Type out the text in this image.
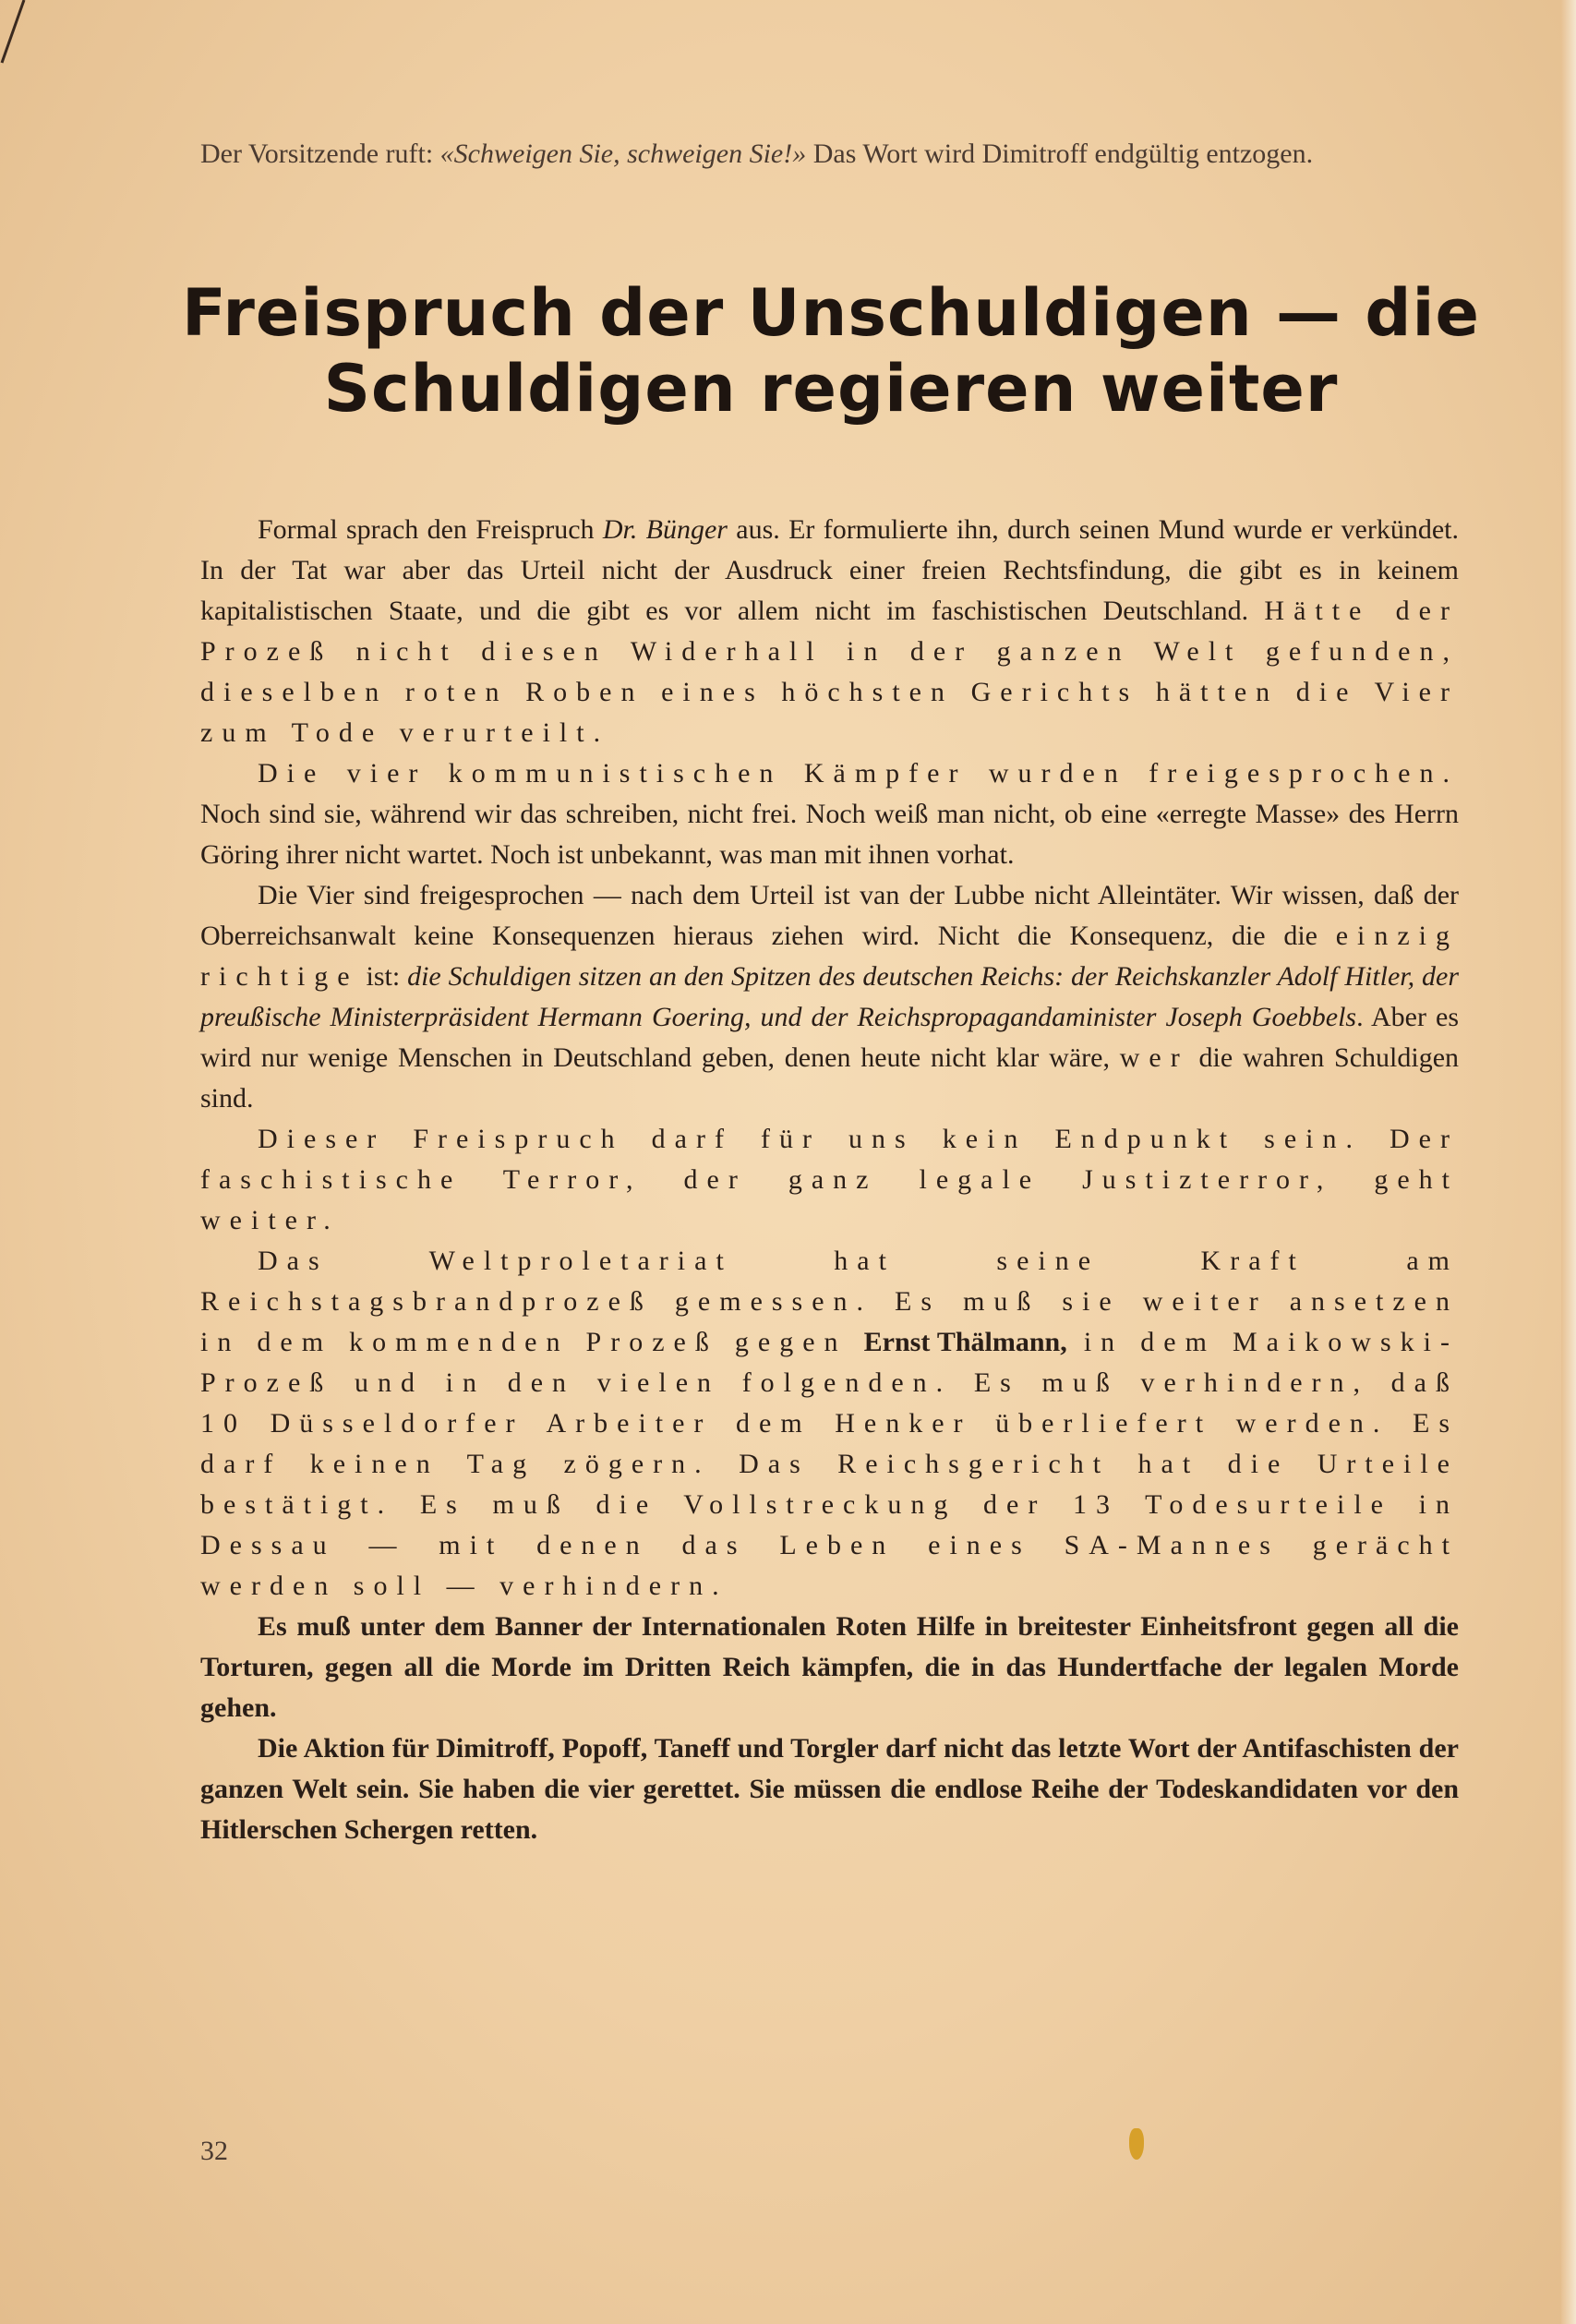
Der Vorsitzende ruft: «Schweigen Sie, schweigen Sie!» Das Wort wird Dimitroff endgültig entzogen.
Freispruch der Unschuldigen — die Schuldigen regieren weiter

Formal sprach den Freispruch Dr. Bünger aus. Er formulierte ihn, durch seinen Mund wurde er verkündet. In der Tat war aber das Urteil nicht der Ausdruck einer freien Rechtsfindung, die gibt es in keinem kapitalistischen Staate, und die gibt es vor allem nicht im faschistischen Deutschland. Hätte der Prozeß nicht diesen Widerhall in der ganzen Welt gefunden, dieselben roten Roben eines höchsten Gerichts hätten die Vier zum Tode verurteilt.

Die vier kommunistischen Kämpfer wurden freigesprochen. Noch sind sie, während wir das schreiben, nicht frei. Noch weiß man nicht, ob eine «erregte Masse» des Herrn Göring ihrer nicht wartet. Noch ist unbekannt, was man mit ihnen vorhat.

Die Vier sind freigesprochen — nach dem Urteil ist van der Lubbe nicht Alleintäter. Wir wissen, daß der Oberreichsanwalt keine Konsequenzen hieraus ziehen wird. Nicht die Konsequenz, die die einzig richtige ist: die Schuldigen sitzen an den Spitzen des deutschen Reichs: der Reichskanzler Adolf Hitler, der preußische Ministerpräsident Hermann Goering, und der Reichspropagandaminister Joseph Goebbels. Aber es wird nur wenige Menschen in Deutschland geben, denen heute nicht klar wäre, wer die wahren Schuldigen sind.

Dieser Freispruch darf für uns kein Endpunkt sein. Der faschistische Terror, der ganz legale Justizterror, geht weiter.

Das Weltproletariat hat seine Kraft am Reichstagsbrandprozeß gemessen. Es muß sie weiter ansetzen in dem kommenden Prozeß gegen Ernst Thälmann, in dem Maikowski-Prozeß und in den vielen folgenden. Es muß verhindern, daß 10 Düsseldorfer Arbeiter dem Henker überliefert werden. Es darf keinen Tag zögern. Das Reichsgericht hat die Urteile bestätigt. Es muß die Vollstreckung der 13 Todesurteile in Dessau — mit denen das Leben eines SA-Mannes gerächt werden soll — verhindern.

Es muß unter dem Banner der Internationalen Roten Hilfe in breitester Einheitsfront gegen all die Torturen, gegen all die Morde im Dritten Reich kämpfen, die in das Hundertfache der legalen Morde gehen.

Die Aktion für Dimitroff, Popoff, Taneff und Torgler darf nicht das letzte Wort der Antifaschisten der ganzen Welt sein. Sie haben die vier gerettet. Sie müssen die endlose Reihe der Todeskandidaten vor den Hitlerschen Schergen retten.

32
